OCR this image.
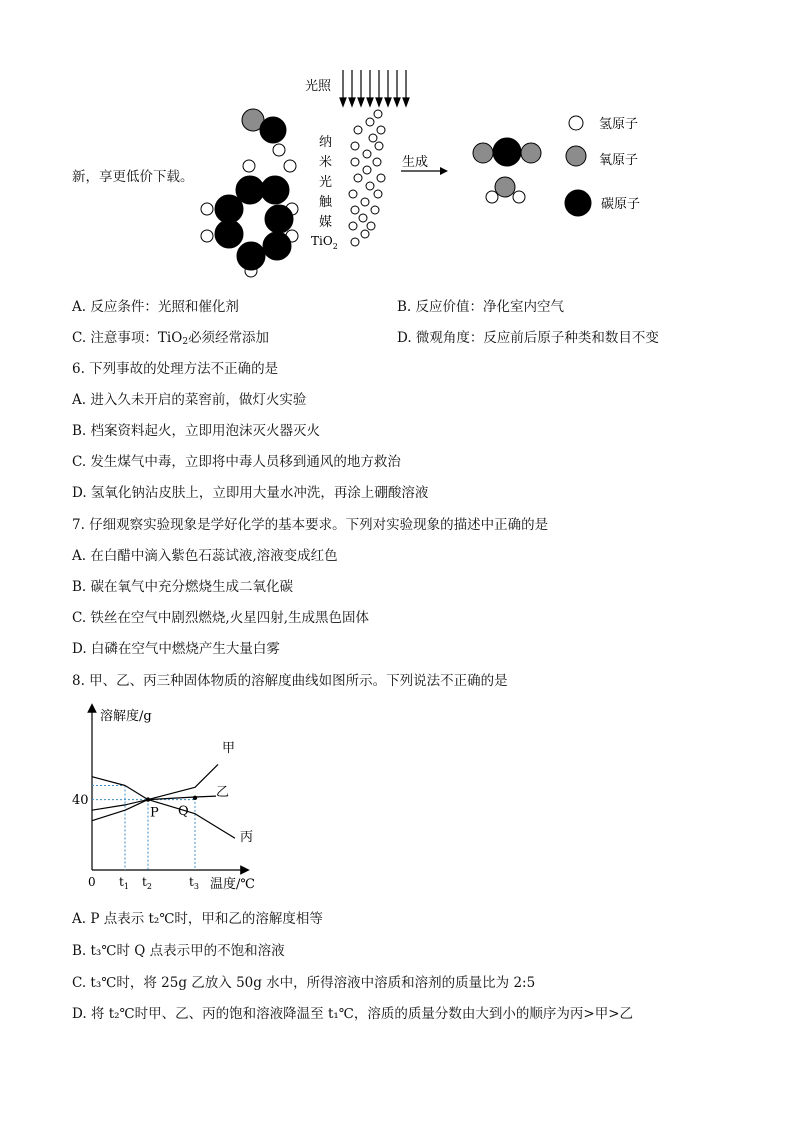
新，享更低价下载。
光照
纳
米
光
触
媒
TiO$_2$
生成
氢原子
氧原子
碳原子
A. 反应条件：光照和催化剂	B. 反应价值：净化室内空气
C. 注意事项：TiO$_2$必须经常添加	D. 微观角度：反应前后原子种类和数目不变
6. 下列事故的处理方法不正确的是
A. 进入久未开启的菜窖前，做灯火实验
B. 档案资料起火，立即用泡沫灭火器灭火
C. 发生煤气中毒，立即将中毒人员移到通风的地方救治
D. 氢氧化钠沾皮肤上，立即用大量水冲洗，再涂上硼酸溶液
7. 仔细观察实验现象是学好化学的基本要求。下列对实验现象的描述中正确的是
A. 在白醋中滴入紫色石蕊试液,溶液变成红色
B. 碳在氧气中充分燃烧生成二氧化碳
C. 铁丝在空气中剧烈燃烧,火星四射,生成黑色固体
D. 白磷在空气中燃烧产生大量白雾
8. 甲、乙、丙三种固体物质的溶解度曲线如图所示。下列说法不正确的是
溶解度/g
温度/℃
0
40
$t_1$ $t_2$	$t_3$
甲
乙
丙
P Q
A. P 点表示 t₂℃时，甲和乙的溶解度相等
B. t₃℃时 Q 点表示甲的不饱和溶液
C. t₃℃时，将 25g 乙放入 50g 水中，所得溶液中溶质和溶剂的质量比为 2:5
D. 将 t₂℃时甲、乙、丙的饱和溶液降温至 t₁℃，溶质的质量分数由大到小的顺序为丙>甲>乙
